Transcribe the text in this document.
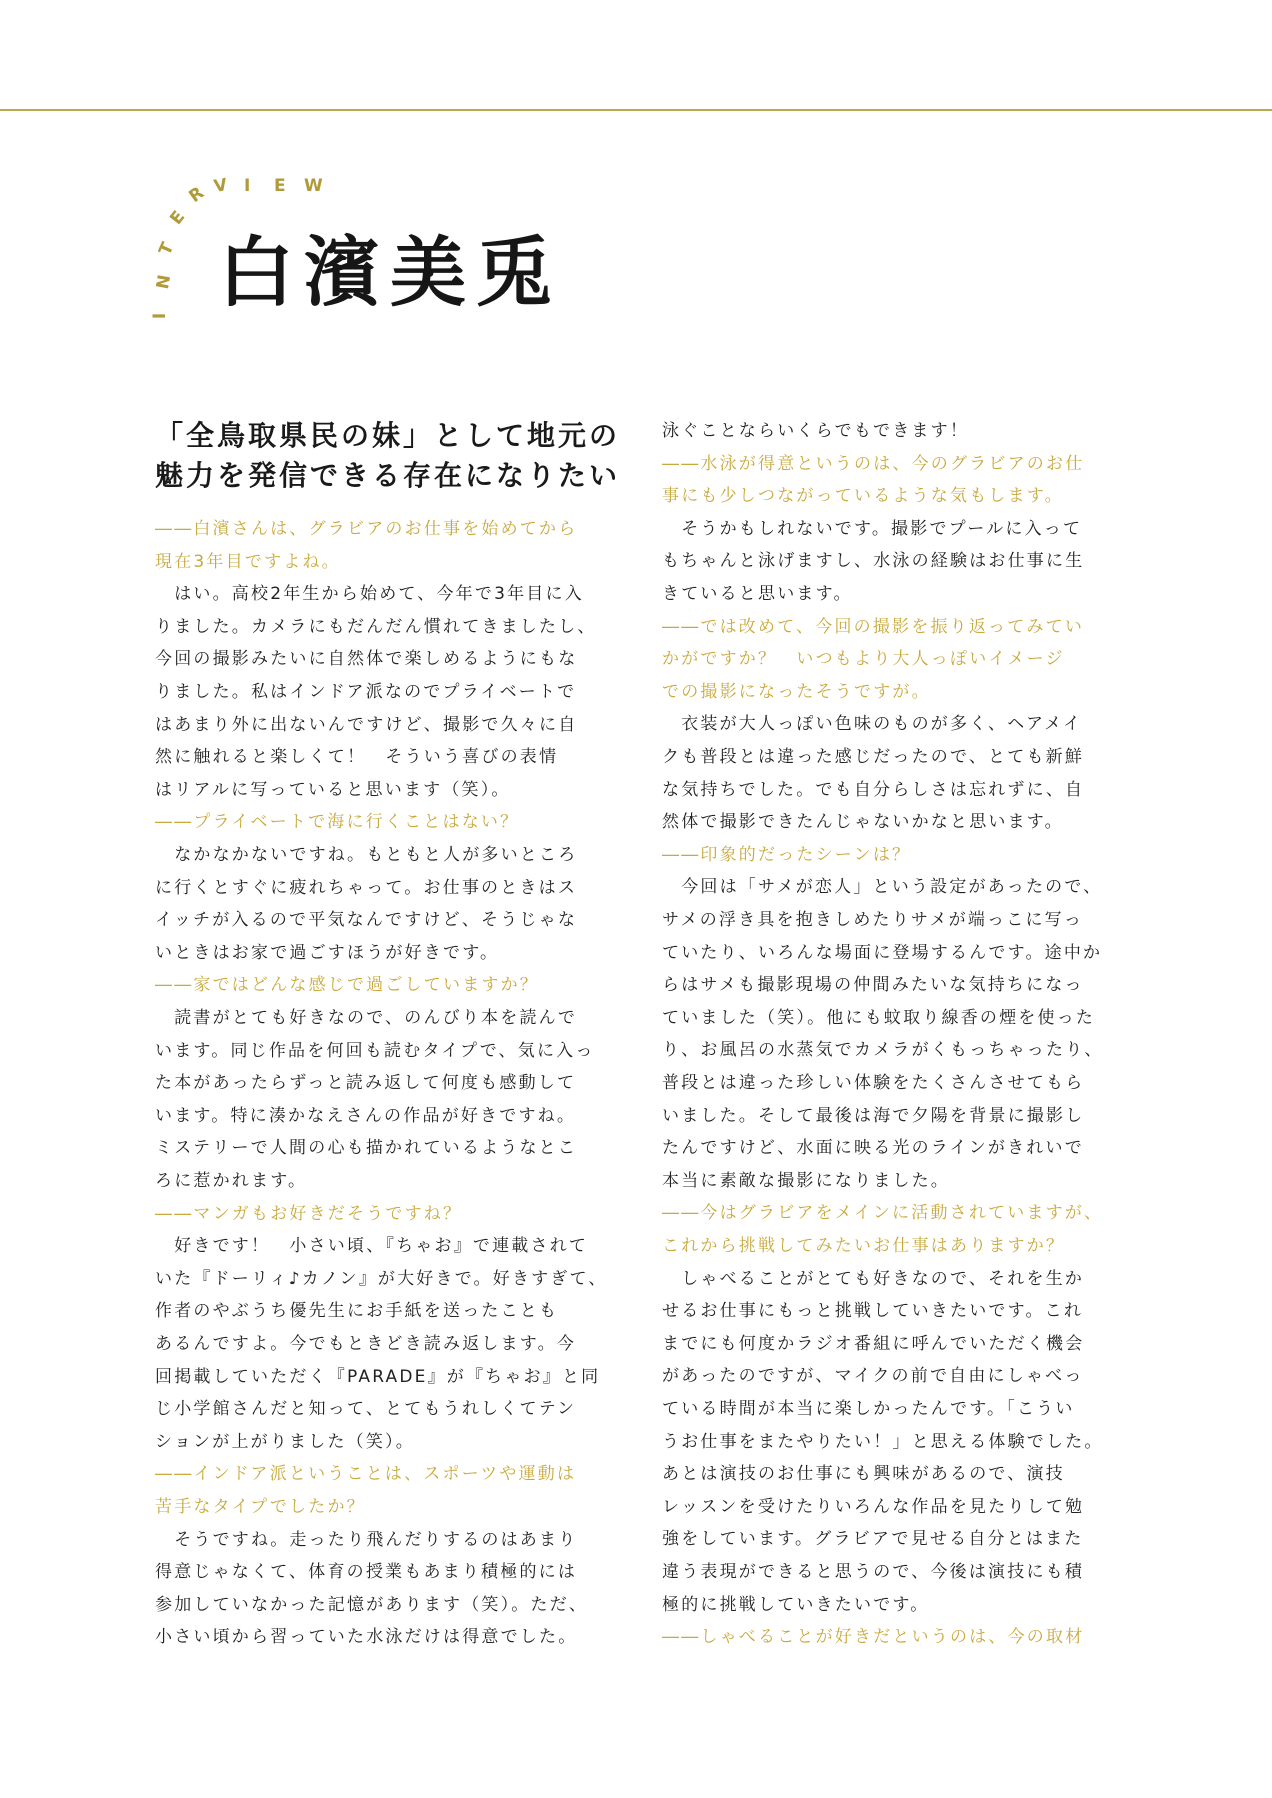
I
N
T
E
R V I E W
白濱美兎
「全鳥取県民の妹」として地元の
魅力を発信できる存在になりたい
――白濱さんは、グラビアのお仕事を始めてから
現在3年目ですよね。
　はい。高校2年生から始めて、今年で3年目に入
りました。カメラにもだんだん慣れてきましたし、
今回の撮影みたいに自然体で楽しめるようにもな
りました。私はインドア派なのでプライベートで
はあまり外に出ないんですけど、撮影で久々に自
然に触れると楽しくて！　そういう喜びの表情
はリアルに写っていると思います（笑）。
――プライベートで海に行くことはない？
　なかなかないですね。もともと人が多いところ
に行くとすぐに疲れちゃって。お仕事のときはス
イッチが入るので平気なんですけど、そうじゃな
いときはお家で過ごすほうが好きです。
――家ではどんな感じで過ごしていますか？
　読書がとても好きなので、のんびり本を読んで
います。同じ作品を何回も読むタイプで、気に入っ
た本があったらずっと読み返して何度も感動して
います。特に湊かなえさんの作品が好きですね。
ミステリーで人間の心も描かれているようなとこ
ろに惹かれます。
――マンガもお好きだそうですね？
　好きです！　小さい頃、『ちゃお』で連載されて
いた『ドーリィ♪カノン』が大好きで。好きすぎて、
作者のやぶうち優先生にお手紙を送ったことも
あるんですよ。今でもときどき読み返します。今
回掲載していただく『PARADE』が『ちゃお』と同
じ小学館さんだと知って、とてもうれしくてテン
ションが上がりました（笑）。
――インドア派ということは、スポーツや運動は
苦手なタイプでしたか？
　そうですね。走ったり飛んだりするのはあまり
得意じゃなくて、体育の授業もあまり積極的には
参加していなかった記憶があります（笑）。ただ、
小さい頃から習っていた水泳だけは得意でした。
泳ぐことならいくらでもできます！
――水泳が得意というのは、今のグラビアのお仕
事にも少しつながっているような気もします。
　そうかもしれないです。撮影でプールに入って
もちゃんと泳げますし、水泳の経験はお仕事に生
きていると思います。
――では改めて、今回の撮影を振り返ってみてい
かがですか？　いつもより大人っぽいイメージ
での撮影になったそうですが。
　衣装が大人っぽい色味のものが多く、ヘアメイ
クも普段とは違った感じだったので、とても新鮮
な気持ちでした。でも自分らしさは忘れずに、自
然体で撮影できたんじゃないかなと思います。
――印象的だったシーンは？
　今回は「サメが恋人」という設定があったので、
サメの浮き具を抱きしめたりサメが端っこに写っ
ていたり、いろんな場面に登場するんです。途中か
らはサメも撮影現場の仲間みたいな気持ちになっ
ていました（笑）。他にも蚊取り線香の煙を使った
り、お風呂の水蒸気でカメラがくもっちゃったり、
普段とは違った珍しい体験をたくさんさせてもら
いました。そして最後は海で夕陽を背景に撮影し
たんですけど、水面に映る光のラインがきれいで
本当に素敵な撮影になりました。
――今はグラビアをメインに活動されていますが、
これから挑戦してみたいお仕事はありますか？
　しゃべることがとても好きなので、それを生か
せるお仕事にもっと挑戦していきたいです。これ
までにも何度かラジオ番組に呼んでいただく機会
があったのですが、マイクの前で自由にしゃべっ
ている時間が本当に楽しかったんです。「こうい
うお仕事をまたやりたい！」と思える体験でした。
あとは演技のお仕事にも興味があるので、演技
レッスンを受けたりいろんな作品を見たりして勉
強をしています。グラビアで見せる自分とはまた
違う表現ができると思うので、今後は演技にも積
極的に挑戦していきたいです。
――しゃべることが好きだというのは、今の取材
